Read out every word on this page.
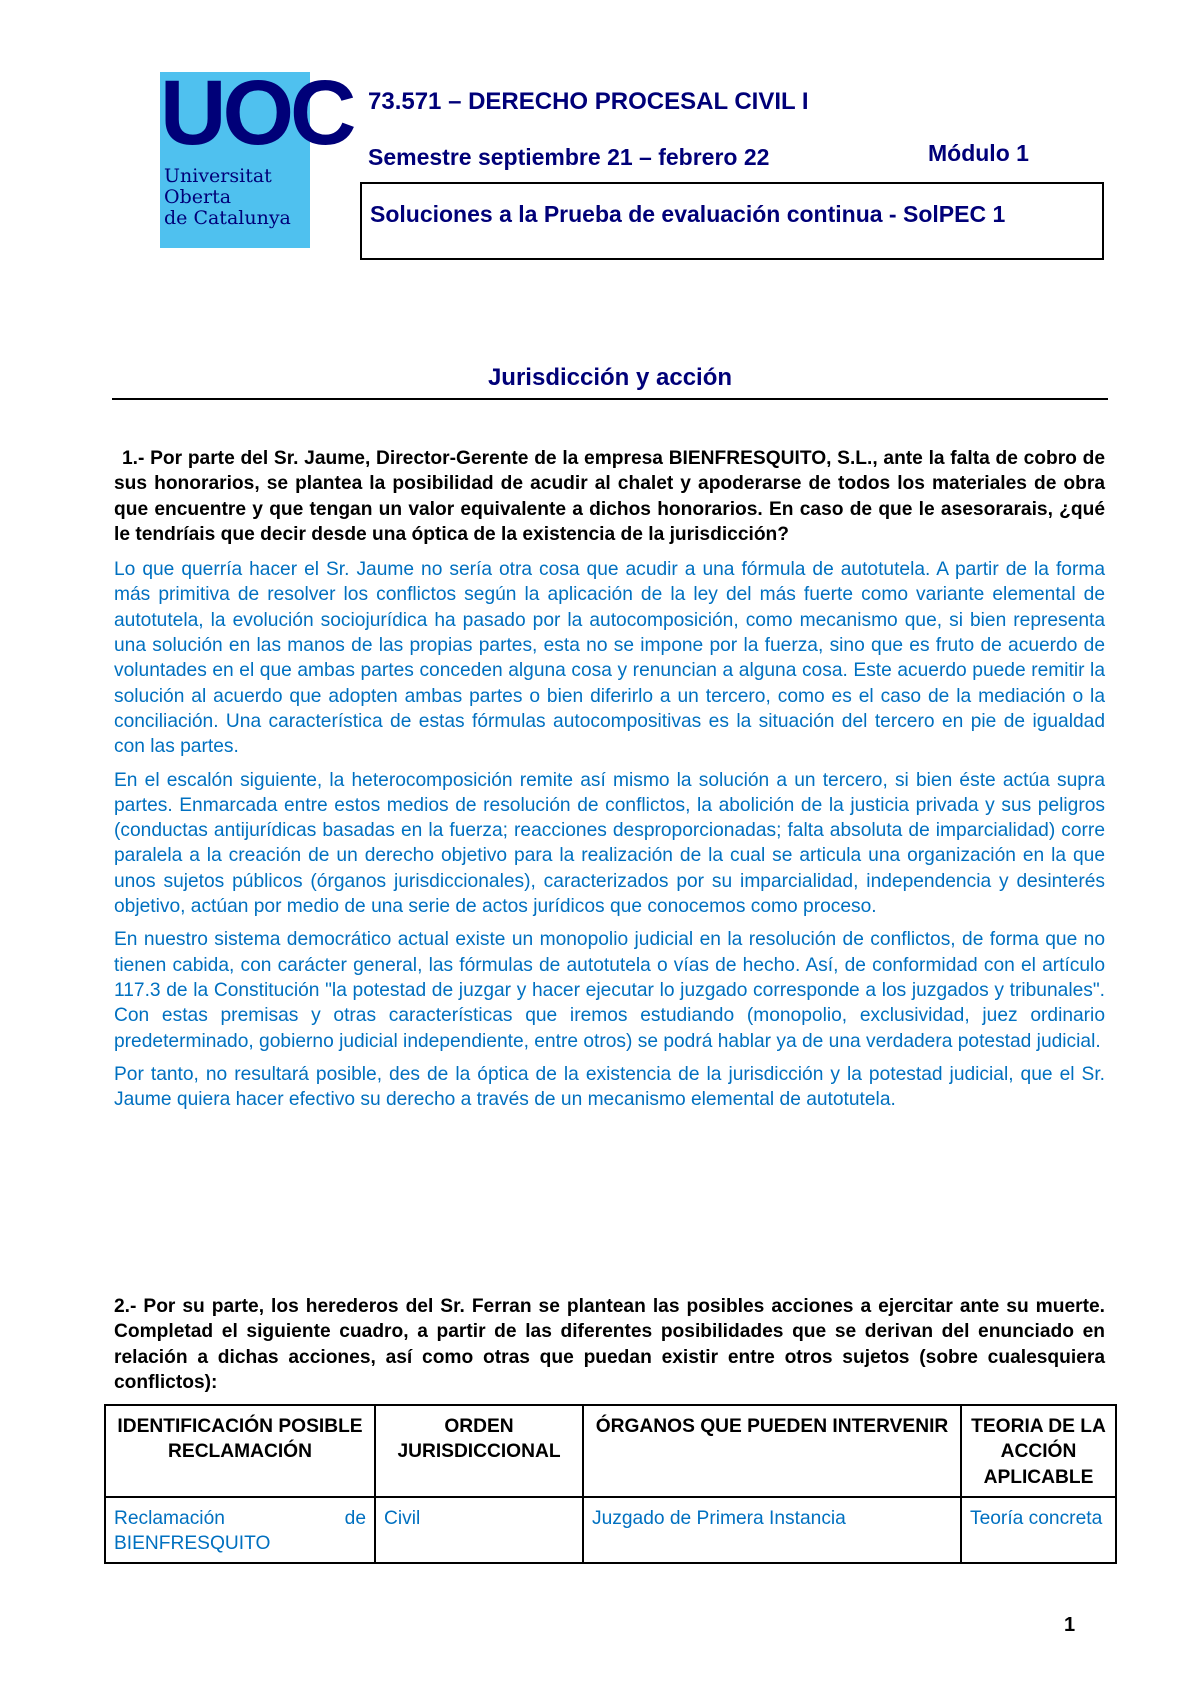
UOC
Universitat
Oberta
de Catalunya
73.571 – DERECHO PROCESAL CIVIL I
Semestre septiembre 21 – febrero 22	Módulo 1
Soluciones a la Prueba de evaluación continua - SolPEC 1
Jurisdicción y acción

1.- Por parte del Sr. Jaume, Director-Gerente de la empresa BIENFRESQUITO, S.L., ante la falta de cobro de sus honorarios, se plantea la posibilidad de acudir al chalet y apoderarse de todos los materiales de obra que encuentre y que tengan un valor equivalente a dichos honorarios. En caso de que le asesorarais, ¿qué le tendríais que decir desde una óptica de la existencia de la jurisdicción?

Lo que querría hacer el Sr. Jaume no sería otra cosa que acudir a una fórmula de autotutela. A partir de la forma más primitiva de resolver los conflictos según la aplicación de la ley del más fuerte como variante elemental de autotutela, la evolución sociojurídica ha pasado por la autocomposición, como mecanismo que, si bien representa una solución en las manos de las propias partes, esta no se impone por la fuerza, sino que es fruto de acuerdo de voluntades en el que ambas partes conceden alguna cosa y renuncian a alguna cosa. Este acuerdo puede remitir la solución al acuerdo que adopten ambas partes o bien diferirlo a un tercero, como es el caso de la mediación o la conciliación. Una característica de estas fórmulas autocompositivas es la situación del tercero en pie de igualdad con las partes.

En el escalón siguiente, la heterocomposición remite así mismo la solución a un tercero, si bien éste actúa supra partes. Enmarcada entre estos medios de resolución de conflictos, la abolición de la justicia privada y sus peligros (conductas antijurídicas basadas en la fuerza; reacciones desproporcionadas; falta absoluta de imparcialidad) corre paralela a la creación de un derecho objetivo para la realización de la cual se articula una organización en la que unos sujetos públicos (órganos jurisdiccionales), caracterizados por su imparcialidad, independencia y desinterés objetivo, actúan por medio de una serie de actos jurídicos que conocemos como proceso.

En nuestro sistema democrático actual existe un monopolio judicial en la resolución de conflictos, de forma que no tienen cabida, con carácter general, las fórmulas de autotutela o vías de hecho. Así, de conformidad con el artículo 117.3 de la Constitución "la potestad de juzgar y hacer ejecutar lo juzgado corresponde a los juzgados y tribunales". Con estas premisas y otras características que iremos estudiando (monopolio, exclusividad, juez ordinario predeterminado, gobierno judicial independiente, entre otros) se podrá hablar ya de una verdadera potestad judicial.

Por tanto, no resultará posible, des de la óptica de la existencia de la jurisdicción y la potestad judicial, que el Sr. Jaume quiera hacer efectivo su derecho a través de un mecanismo elemental de autotutela.

2.- Por su parte, los herederos del Sr. Ferran se plantean las posibles acciones a ejercitar ante su muerte. Completad el siguiente cuadro, a partir de las diferentes posibilidades que se derivan del enunciado en relación a dichas acciones, así como otras que puedan existir entre otros sujetos (sobre cualesquiera conflictos):

IDENTIFICACIÓN POSIBLE RECLAMACIÓN	ORDEN JURISDICCIONAL	ÓRGANOS QUE PUEDEN INTERVENIR	TEORIA DE LA ACCIÓN APLICABLE

Reclamación de
BIENFRESQUITO	Civil	Juzgado de Primera Instancia	Teoría concreta
1
